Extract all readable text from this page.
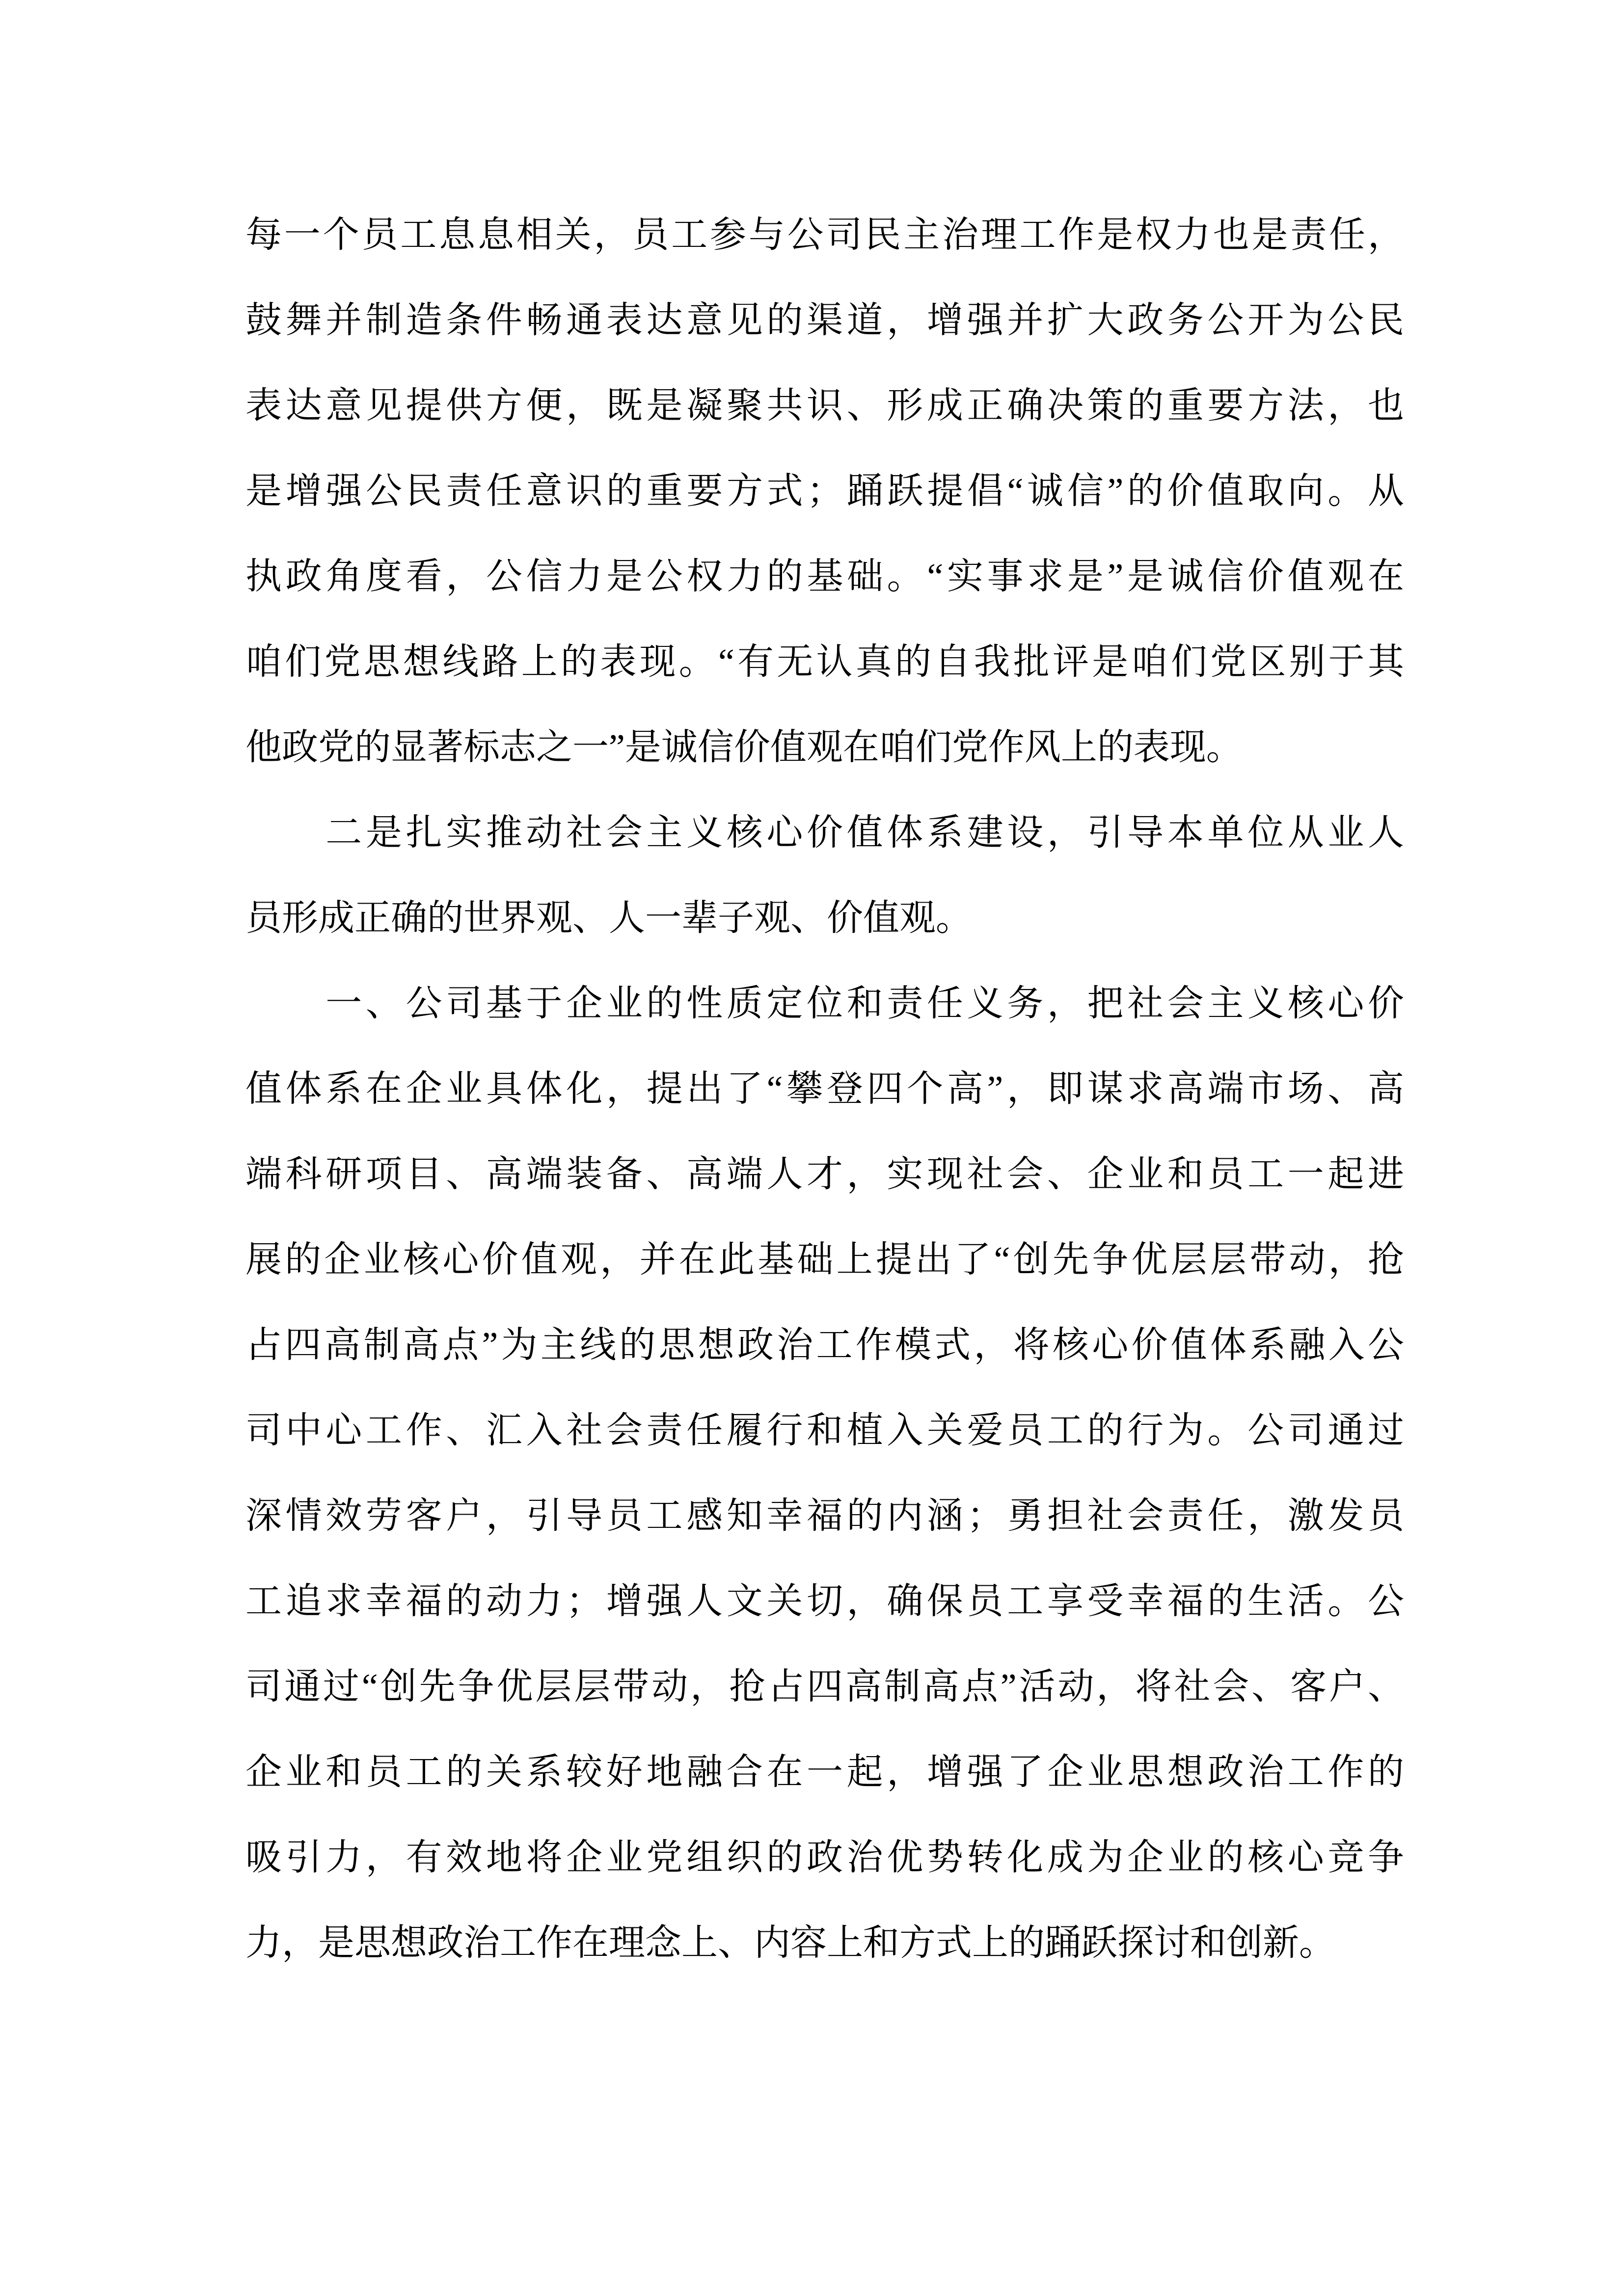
每一个员工息息相关，员工参与公司民主治理工作是权力也是责任，
鼓舞并制造条件畅通表达意见的渠道，增强并扩大政务公开为公民
表达意见提供方便，既是凝聚共识、形成正确决策的重要方法，也
是增强公民责任意识的重要方式；踊跃提倡“诚信”的价值取向。从
执政角度看，公信力是公权力的基础。“实事求是”是诚信价值观在
咱们党思想线路上的表现。“有无认真的自我批评是咱们党区别于其
他政党的显著标志之一”是诚信价值观在咱们党作风上的表现。
　　二是扎实推动社会主义核心价值体系建设，引导本单位从业人
员形成正确的世界观、人一辈子观、价值观。
　　一、公司基于企业的性质定位和责任义务，把社会主义核心价
值体系在企业具体化，提出了“攀登四个高”，即谋求高端市场、高
端科研项目、高端装备、高端人才，实现社会、企业和员工一起进
展的企业核心价值观，并在此基础上提出了“创先争优层层带动，抢
占四高制高点”为主线的思想政治工作模式，将核心价值体系融入公
司中心工作、汇入社会责任履行和植入关爱员工的行为。公司通过
深情效劳客户，引导员工感知幸福的内涵；勇担社会责任，激发员
工追求幸福的动力；增强人文关切，确保员工享受幸福的生活。公
司通过“创先争优层层带动，抢占四高制高点”活动，将社会、客户、
企业和员工的关系较好地融合在一起，增强了企业思想政治工作的
吸引力，有效地将企业党组织的政治优势转化成为企业的核心竞争
力，是思想政治工作在理念上、内容上和方式上的踊跃探讨和创新。
